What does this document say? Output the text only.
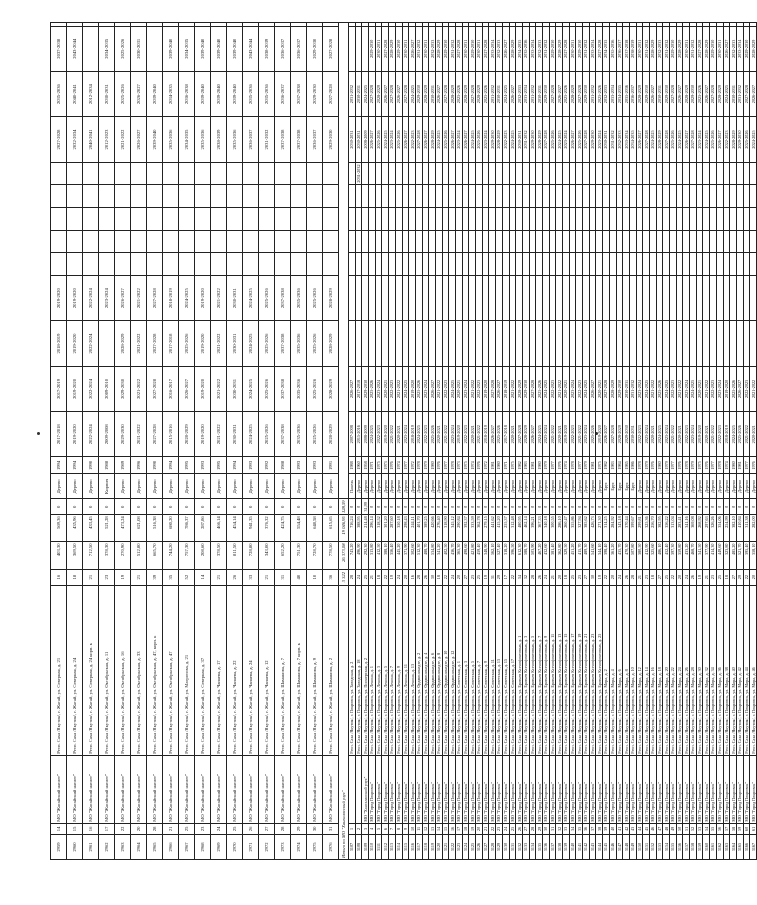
2959	14	МО "Жатайский наслег"	Респ. Саха /Якутия/, г. Жатай, ул. Северная, д. 21	16	403,30	569,36	0	Дерево	1994	2017-2018	2017-2019	2018-2019	2019-2020						2027-2028	2035-2036	2037-2038	
2960	15	МО "Жатайский наслег"	Респ. Саха /Якутия/, г. Жатай, ул. Северная, д. 24	18	369,50	435,96	0	Дерево	1994	2019-2020	2019-2020	2019-2020	2019-2020						2032-2034	2040-2041	2043-2044	
2961	16	МО "Жатайский наслег"	Респ. Саха /Якутия/, г. Жатай, ул. Северная, д. 24 корп. к	21	712,50	433,45	0	Дерево	1990	2022-2024	2022-2024	2022-2024	2022-2024						2040-2041	2012-2034		
2962	17	МО "Жатайский наслег"	Респ. Саха /Якутия/, г. Жатай, ул. Октябрьская, д. 11	23	378,30	521,28	0	Кирпич	1988	2009-2008	2009-2010		2023-2024						2012-2023	2030-2031	2034-2035	
2963	22	МО "Жатайский наслег"	Респ. Саха /Якутия/, г. Жатай, ул. Октябрьская, д. 16	19	270,90	473,24	0	Дерево	1989	2029-2030	2029-2030	2028-2029	2026-2027						2021-2022	2025-2026	2025-2026	
2964	20	МО "Жатайский наслег"	Респ. Саха /Якутия/, г. Жатай, ул. Октябрьская, д. 33	21	512,80	621,08	0	Дерево	1996	2021-2022	2021-2022	2021-2022	2021-2022						2026-2027	2026-2027	2030-2031	
2965	28	МО "Жатайский наслег"	Респ. Саха /Якутия/, г. Жатай, ул. Октябрьская, д. 47, корп. к	39	665,70	516,38	0	Дерево	1990	2027-2028	2027-2028	2027-2028	2027-2028						2039-2040	2039-2040		
2966	21	МО "Жатайский наслег"	Респ. Саха /Якутия/, г. Жатай, ул. Октябрьская, д. 47	35	744,20	680,20	0	Дерево	1994	2015-2016	2016-2017	2017-2018	2018-2019						2035-2036	2034-2035	2039-2040	
2967	25	МО "Жатайский наслег"	Респ. Саха /Якутия/, г. Жатай, ул. Матросова, д. 21	52	757,30	786,37	0	Дерево	1995	2028-2029	2026-2027	2025-2026	2024-2025						2034-2035	2036-2038	2034-2035	
2968	23	МО "Жатайский наслег"	Респ. Саха /Якутия/, г. Жатай, ул. Северная, д. 37	14	208,60	287,86	0	Дерево	1993	2019-2020	2019-2020	2019-2020	2019-2020						2035-2036	2039-2040	2039-2040	
2969	24	МО "Жатайский наслег"	Респ. Саха /Якутия/, г. Жатай, ул. Чапаева, д. 17	21	378,50	466,14	0	Дерево	1995	2021-2022	2021-2022	2021-2022	2021-2022						2038-2039	2039-2040	2039-2040	
2970	25	МО "Жатайский наслег"	Респ. Саха /Якутия/, г. Жатай, ул. Чапаева, д. 22	26	811,50	454,14	0	Дерево	1994	2030-2031	2030-2031	2030-2031	2030-2031						2035-2036	2039-2040	2039-2040	
2971	26	МО "Жатайский наслег"	Респ. Саха /Якутия/, г. Жатай, ул. Чапаева, д. 24	33	728,80	941,35	0	Дерево	1993	2024-2025	2024-2025	2024-2025	2024-2025						2036-2037	2035-2036	2043-2044	
2972	27	МО "Жатайский наслег"	Респ. Саха /Якутия/, г. Жатай, ул. Чапаева, д. 12	21	343,00	376,32	0	Дерево	1992	2025-2026	2025-2026	2025-2026	2025-2026						2031-2032	2035-2036	2038-2039	
2973	28	МО "Жатайский наслег"	Респ. Саха /Якутия/, г. Жатай, ул. Шаманова, д. 7	31	652,20	424,75	0	Дерево	1988	2037-2038	2037-2038	2037-2038	2037-2038						2037-2038	2036-2037	2036-2037	
2974	29	МО "Жатайский наслег"	Респ. Саха /Якутия/, г. Жатай, ул. Шаманова, д. 7 корп. к	40	751,30	554,48	0	Дерево	1993	2035-2036	2035-2036	2035-2036	2035-2036						2037-2038	2037-2038	2036-2037	
2975	30	МО "Жатайский наслег"	Респ. Саха /Якутия/, г. Жатай, ул. Шаманова, д. 9	10	728,70	648,58	0	Дерево	1993	2025-2026	2025-2026	2025-2026	2025-2026						2036-2037	2029-2030	2029-2030	
2976	31	МО "Жатайский наслег"	Респ. Саха /Якутия/, г. Жатай, ул. Шаманова, д. 2	36	778,50	615,65	0	Дерево	1991	2028-2029	2028-2029	2028-2029	2028-2029						2029-2030	2027-2028	2027-2028	
Итого по МО "Хангаласский улус"				3 322	26 373,08	19 046,95	128,59															
3107	1		Респ. Саха /Якутия/, г. Покровск, ул. Заводская, д. 2	28	743,20	716,24	0	Панель	1988	2007-2008	2026-2027								2030-2031	2031-2032		
3108	2		Респ. Саха /Якутия/, г. Покровск, ул. Заводская, д. 18	24	496,90	388,95	0	Дерево	1960	2015-2016	2017-2018							2031-2032	2030-2031	2030-2031		
3109	3	МО "Хангаласский улус"	Респ. Саха /Якутия/, г. Покровск, ул. Пионерская, д. 2	25	292,30	214,48	31,99	Дерево	1958	2008-2009	2029-2030								2008-2009	2024-2025		
3110	4	МО "Город Покровск"	Респ. Саха /Якутия/, г. Покровск, ул. Ленина, д. 1	21	313,80	296,14	0	Дерево	1971	2024-2025	2025-2026								2026-2027	2027-2028	2029-2030	
3111	5	МО "Город Покровск"	Респ. Саха /Якутия/, г. Покровск, ул. Ленина, д. 3	18	412,50	318,52	0	Дерево	1975	2022-2023	2023-2024								2025-2026	2028-2029	2030-2031	
3112	6	МО "Город Покровск"	Респ. Саха /Якутия/, г. Покровск, ул. Ленина, д. 5	22	388,10	301,20	0	Дерево	1973	2019-2020	2020-2021								2024-2025	2026-2027	2027-2028	
3113	7	МО "Город Покровск"	Респ. Саха /Якутия/, г. Покровск, ул. Ленина, д. 7	19	356,40	287,60	0	Дерево	1976	2021-2022	2022-2023								2023-2024	2027-2028	2028-2029	
3114	8	МО "Город Покровск"	Респ. Саха /Якутия/, г. Покровск, ул. Ленина, д. 9	24	445,20	350,18	0	Дерево	1974	2020-2021	2021-2022								2025-2026	2026-2027	2029-2030	
3115	9	МО "Город Покровск"	Респ. Саха /Якутия/, г. Покровск, ул. Ленина, д. 11	20	371,90	298,43	0	Дерево	1977	2023-2024	2024-2025								2026-2027	2027-2028	2030-2031	
3116	10	МО "Город Покровск"	Респ. Саха /Якутия/, г. Покровск, ул. Ленина, д. 13	16	302,60	244,11	0	Дерево	1972	2018-2019	2019-2020								2022-2023	2024-2025	2026-2027	
3117	11	МО "Город Покровск"	Респ. Саха /Якутия/, г. Покровск, ул. Орджоникидзе, д. 2	28	512,30	401,70	0	Дерево	1978	2024-2025	2025-2026								2027-2028	2029-2030	2031-2032	
3118	12	МО "Город Покровск"	Респ. Саха /Якутия/, г. Покровск, ул. Орджоникидзе, д. 4	26	488,70	389,25	0	Дерево	1979	2022-2023	2023-2024								2026-2027	2028-2029	2030-2031	
3119	13	МО "Город Покровск"	Респ. Саха /Якутия/, г. Покровск, ул. Орджоникидзе, д. 6	30	534,80	420,66	0	Дерево	1980	2025-2026	2026-2027								2028-2029	2030-2031	2032-2033	
3120	14	МО "Город Покровск"	Респ. Саха /Якутия/, г. Покровск, ул. Орджоникидзе, д. 8	18	341,20	276,40	0	Дерево	1976	2020-2021	2021-2022								2024-2025	2026-2027	2028-2029	
3121	15	МО "Город Покровск"	Респ. Саха /Якутия/, г. Покровск, ул. Орджоникидзе, д. 10	22	402,50	318,90	0	Дерево	1977	2021-2022	2022-2023								2025-2026	2027-2028	2029-2030	
3122	16	МО "Город Покровск"	Респ. Саха /Якутия/, г. Покровск, ул. Орджоникидзе, д. 12	24	436,70	345,12	0	Дерево	1978	2023-2024	2024-2025								2026-2027	2028-2029	2031-2032	
3123	17	МО "Город Покровск"	Респ. Саха /Якутия/, г. Покровск, ул. Советская, д. 1	20	365,30	290,84	0	Дерево	1973	2019-2020	2020-2021								2023-2024	2025-2026	2027-2028	
3124	18	МО "Город Покровск"	Респ. Саха /Якутия/, г. Покровск, ул. Советская, д. 3	27	498,60	392,37	0	Дерево	1975	2022-2023	2023-2024								2026-2027	2028-2029	2030-2031	
3125	19	МО "Город Покровск"	Респ. Саха /Якутия/, г. Покровск, ул. Советская, д. 5	23	421,80	333,59	0	Дерево	1974	2020-2021	2021-2022								2024-2025	2027-2028	2029-2030	
3126	20	МО "Город Покровск"	Респ. Саха /Якутия/, г. Покровск, ул. Советская, д. 7	25	459,40	362,78	0	Дерево	1976	2021-2022	2022-2023								2025-2026	2028-2029	2030-2031	
3127	21	МО "Город Покровск"	Респ. Саха /Якутия/, г. Покровск, ул. Советская, д. 9	19	348,90	279,15	0	Дерево	1972	2018-2019	2019-2020								2023-2024	2025-2026	2027-2028	
3128	22	МО "Город Покровск"	Респ. Саха /Якутия/, г. Покровск, ул. Советская, д. 11	31	562,10	441,62	0	Дерево	1981	2026-2027	2027-2028								2029-2030	2031-2032	2033-2034	
3129	23	МО "Город Покровск"	Респ. Саха /Якутия/, г. Покровск, ул. Советская, д. 13	29	527,40	415,20	0	Дерево	1980	2025-2026	2026-2027								2028-2029	2030-2031	2032-2033	
3130	24	МО "Город Покровск"	Респ. Саха /Якутия/, г. Покровск, ул. Советская, д. 15	17	318,20	255,37	0	Дерево	1971	2017-2018	2018-2019								2022-2023	2024-2025	2026-2027	
3131	25	МО "Город Покровск"	Респ. Саха /Якутия/, г. Покровск, ул. Советская, д. 17	22	396,50	312,48	0	Дерево	1975	2020-2021	2021-2022								2024-2025	2026-2027	2028-2029	
3132	26	МО "Город Покровск"	Респ. Саха /Якутия/, г. Покровск, ул. Братьев Ксенофонтовых, д. 1	34	612,30	480,95	0	Дерево	1982	2027-2028	2028-2029								2030-2031	2032-2033	2034-2035	
3133	27	МО "Город Покровск"	Респ. Саха /Якутия/, г. Покровск, ул. Братьев Ксенофонтовых, д. 3	32	588,70	462,14	0	Дерево	1983	2028-2029	2029-2030								2031-2032	2033-2034	2035-2036	
3134	28	МО "Город Покровск"	Респ. Саха /Якутия/, г. Покровск, ул. Братьев Ксенофонтовых, д. 5	28	503,90	396,21	0	Дерево	1981	2026-2027	2027-2028								2029-2030	2031-2032	2033-2034	
3135	29	МО "Город Покровск"	Респ. Саха /Якутия/, г. Покровск, ул. Братьев Ксенофонтовых, д. 7	26	467,20	367,33	0	Дерево	1980	2024-2025	2025-2026								2028-2029	2030-2031	2032-2033	
3136	30	МО "Город Покровск"	Респ. Саха /Якутия/, г. Покровск, ул. Братьев Ксенофонтовых, д. 9	24	432,60	340,18	0	Дерево	1979	2023-2024	2024-2025								2027-2028	2029-2030	2031-2032	
3137	31	МО "Город Покровск"	Респ. Саха /Якутия/, г. Покровск, ул. Братьев Ксенофонтовых, д. 11	21	381,40	300,55	0	Дерево	1977	2021-2022	2022-2023								2025-2026	2027-2028	2029-2030	
3138	32	МО "Город Покровск"	Респ. Саха /Якутия/, г. Покровск, ул. Братьев Ксенофонтовых, д. 13	20	362,80	286,10	0	Дерево	1976	2020-2021	2021-2022								2024-2025	2026-2027	2028-2029	
3139	33	МО "Город Покровск"	Респ. Саха /Якутия/, г. Покровск, ул. Братьев Ксенофонтовых, д. 15	18	329,50	260,47	0	Дерево	1974	2019-2020	2020-2021								2023-2024	2025-2026	2027-2028	
3140	34	МО "Город Покровск"	Респ. Саха /Якутия/, г. Покровск, ул. Братьев Ксенофонтовых, д. 17	25	451,20	355,86	0	Дерево	1978	2022-2023	2023-2024								2026-2027	2028-2029	2030-2031	
3141	35	МО "Город Покровск"	Респ. Саха /Якутия/, г. Покровск, ул. Братьев Ксенофонтовых, д. 19	23	415,70	327,94	0	Дерево	1977	2021-2022	2022-2023								2025-2026	2027-2028	2029-2030	
3142	36	МО "Город Покровск"	Респ. Саха /Якутия/, г. Покровск, ул. Братьев Ксенофонтовых, д. 21	27	489,30	385,62	0	Дерево	1979	2023-2024	2024-2025								2027-2028	2029-2030	2031-2032	
3143	37	МО "Город Покровск"	Респ. Саха /Якутия/, г. Покровск, ул. Братьев Ксенофонтовых, д. 23	30	541,60	426,73	0	Дерево	1981	2025-2026	2026-2027								2029-2030	2031-2032	2033-2034	
3144	38	МО "Город Покровск"	Респ. Саха /Якутия/, г. Покровск, ул. Братьев Ксенофонтовых, д. 25	19	344,10	271,30	0	Дерево	1975	2019-2020	2020-2021								2023-2024	2025-2026	2027-2028	
3145	39	МО "Город Покровск"	Респ. Саха /Якутия/, г. Покровск, ул. Мира, д. 2	22	398,40	314,25	0	Брус	1982	2026-2027	2027-2028								2030-2031	2032-2033	2034-2035	
3146	40	МО "Город Покровск"	Респ. Саха /Якутия/, г. Покровск, ул. Мира, д. 4	20	361,20	284,92	0	Брус	1983	2027-2028	2028-2029								2031-2032	2033-2034	2035-2036	
3147	41	МО "Город Покровск"	Респ. Саха /Якутия/, г. Покровск, ул. Мира, д. 6	24	435,70	343,18	0	Брус	1984	2028-2029	2029-2030								2032-2033	2034-2035	2036-2037	
3148	42	МО "Город Покровск"	Респ. Саха /Якутия/, г. Покровск, ул. Мира, д. 8	26	470,30	370,44	0	Брус	1985	2029-2030	2030-2031								2033-2034	2035-2036	2037-2038	
3149	43	МО "Город Покровск"	Респ. Саха /Якутия/, г. Покровск, ул. Мира, д. 10	28	507,80	399,67	0	Брус	1986	2030-2031	2031-2032								2034-2035	2036-2037	2038-2039	
3150	44	МО "Город Покровск"	Респ. Саха /Якутия/, г. Покровск, ул. Мира, д. 12	21	380,50	299,81	0	Дерево	1978	2022-2023	2023-2024								2026-2027	2028-2029	2030-2031	
3151	45	МО "Город Покровск"	Респ. Саха /Якутия/, г. Покровск, ул. Мира, д. 14	23	412,90	325,36	0	Дерево	1979	2023-2024	2024-2025								2027-2028	2029-2030	2031-2032	
3152	46	МО "Город Покровск"	Респ. Саха /Якутия/, г. Покровск, ул. Мира, д. 16	18	325,60	256,70	0	Дерево	1976	2020-2021	2021-2022								2024-2025	2026-2027	2028-2029	
3153	47	МО "Город Покровск"	Респ. Саха /Якутия/, г. Покровск, ул. Мира, д. 18	27	486,10	382,95	0	Дерево	1980	2024-2025	2025-2026								2028-2029	2030-2031	2032-2033	
3154	48	МО "Город Покровск"	Респ. Саха /Якутия/, г. Покровск, ул. Мира, д. 20	25	452,40	356,22	0	Дерево	1979	2023-2024	2024-2025								2027-2028	2029-2030	2031-2032	
3155	49	МО "Город Покровск"	Респ. Саха /Якутия/, г. Покровск, ул. Мира, д. 22	22	397,30	313,04	0	Дерево	1977	2021-2022	2022-2023								2025-2026	2027-2028	2029-2030	
3156	50	МО "Город Покровск"	Респ. Саха /Якутия/, г. Покровск, ул. Мира, д. 24	20	359,80	283,41	0	Дерево	1976	2020-2021	2021-2022								2024-2025	2026-2027	2028-2029	
3157	51	МО "Город Покровск"	Респ. Саха /Якутия/, г. Покровск, ул. Мира, д. 26	24	433,20	341,16	0	Дерево	1978	2022-2023	2023-2024								2026-2027	2028-2029	2030-2031	
3158	52	МО "Город Покровск"	Респ. Саха /Якутия/, г. Покровск, ул. Мира, д. 28	26	468,70	369,08	0	Дерево	1979	2023-2024	2024-2025								2027-2028	2029-2030	2031-2032	
3159	53	МО "Город Покровск"	Респ. Саха /Якутия/, г. Покровск, ул. Мира, д. 30	19	341,50	268,92	0	Дерево	1975	2019-2020	2020-2021								2023-2024	2025-2026	2027-2028	
3160	54	МО "Город Покровск"	Респ. Саха /Якутия/, г. Покровск, ул. Мира, д. 32	21	377,90	297,63	0	Дерево	1976	2020-2021	2021-2022								2024-2025	2026-2027	2028-2029	
3161	55	МО "Город Покровск"	Респ. Саха /Якутия/, г. Покровск, ул. Мира, д. 34	23	414,30	326,26	0	Дерево	1977	2021-2022	2022-2023								2025-2026	2027-2028	2029-2030	
3162	56	МО "Город Покровск"	Респ. Саха /Якутия/, г. Покровск, ул. Мира, д. 36	25	449,60	354,06	0	Дерево	1978	2022-2023	2023-2024								2026-2027	2028-2029	2030-2031	
3163	57	МО "Город Покровск"	Респ. Саха /Якутия/, г. Покровск, ул. Мира, д. 38	18	323,80	254,99	0	Дерево	1974	2018-2019	2019-2020								2022-2023	2024-2025	2026-2027	
3164	58	МО "Город Покровск"	Респ. Саха /Якутия/, г. Покровск, ул. Мира, д. 40	27	485,20	382,10	0	Дерево	1980	2024-2025	2025-2026								2028-2029	2030-2031	2032-2033	
3165	59	МО "Город Покровск"	Респ. Саха /Якутия/, г. Покровск, ул. Мира, д. 42	29	521,70	410,84	0	Дерево	1981	2025-2026	2026-2027								2029-2030	2031-2032	2033-2034	
3166	60	МО "Город Покровск"	Респ. Саха /Якутия/, г. Покровск, ул. Мира, д. 44	22	395,40	311,38	0	Дерево	1977	2021-2022	2022-2023								2025-2026	2027-2028	2029-2030	
3167	61	МО "Город Покровск"	Респ. Саха /Якутия/, г. Покровск, ул. Мира, д. 46	20	358,10	282,00	0	Дерево	1976	2020-2021	2021-2022								2024-2025	2026-2027	2028-2029	
